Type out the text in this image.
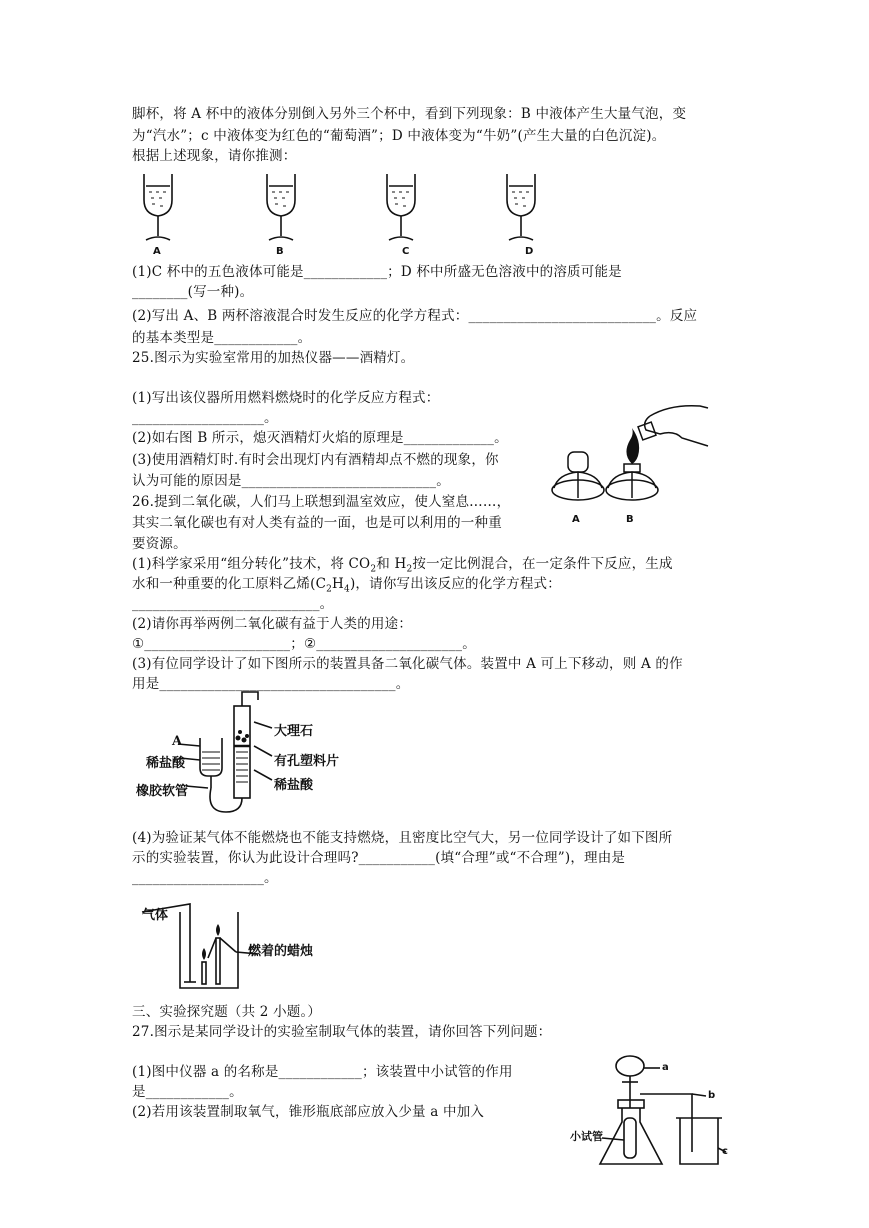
脚杯，将 A 杯中的液体分别倒入另外三个杯中，看到下列现象：B 中液体产生大量气泡，变
为“汽水”；c 中液体变为红色的“葡萄酒”；D 中液体变为“牛奶”(产生大量的白色沉淀)。
根据上述现象，请你推测：
A	B	C	D
(1)C 杯中的五色液体可能是____________；D 杯中所盛无色溶液中的溶质可能是
________(写一种)。
(2)写出 A、B 两杯溶液混合时发生反应的化学方程式：___________________________。反应
的基本类型是____________。
25.图示为实验室常用的加热仪器——酒精灯。
(1)写出该仪器所用燃料燃烧时的化学反应方程式：
___________________。
(2)如右图 B 所示，熄灭酒精灯火焰的原理是_____________。
(3)使用酒精灯时.有时会出现灯内有酒精却点不燃的现象，你
认为可能的原因是____________________________。
26.提到二氧化碳，人们马上联想到温室效应，使人窒息……，
其实二氧化碳也有对人类有益的一面，也是可以利用的一种重
要资源。
A	B
(1)科学家采用“组分转化”技术，将 $CO_2$和 $H_2$按一定比例混合，在一定条件下反应，生成
水和一种重要的化工原料乙烯$(C_2H_4)$，请你写出该反应的化学方程式：
___________________________。
(2)请你再举两例二氧化碳有益于人类的用途：
①_____________________；②_____________________。
(3)有位同学设计了如下图所示的装置具备二氧化碳气体。装置中 A 可上下移动，则 A 的作
用是__________________________________。
A
稀盐酸
橡胶软管
大理石
有孔塑料片
稀盐酸
(4)为验证某气体不能燃烧也不能支持燃烧，且密度比空气大，另一位同学设计了如下图所
示的实验装置，你认为此设计合理吗?___________(填“合理”或“不合理”)，理由是
___________________。
气体
燃着的蜡烛
三、实验探究题（共 2 小题。）
27.图示是某同学设计的实验室制取气体的装置，请你回答下列问题：
(1)图中仪器 a 的名称是____________；该装置中小试管的作用
是____________。
(2)若用该装置制取氧气，锥形瓶底部应放入少量 a 中加入
a
b
c
小试管
